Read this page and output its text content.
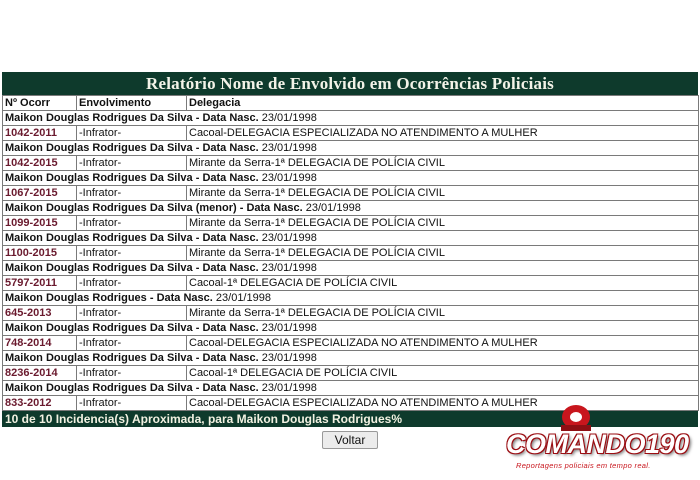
Relatório Nome de Envolvido em Ocorrências Policiais
Nº Ocorr	Envolvimento	Delegacia
Maikon Douglas Rodrigues Da Silva - Data Nasc. 23/01/1998		
1042-2011	-Infrator-	Cacoal-DELEGACIA ESPECIALIZADA NO ATENDIMENTO A MULHER
Maikon Douglas Rodrigues Da Silva - Data Nasc. 23/01/1998		
1042-2015	-Infrator-	Mirante da Serra-1ª DELEGACIA DE POLÍCIA CIVIL
Maikon Douglas Rodrigues Da Silva - Data Nasc. 23/01/1998		
1067-2015	-Infrator-	Mirante da Serra-1ª DELEGACIA DE POLÍCIA CIVIL
Maikon Douglas Rodrigues Da Silva (menor) - Data Nasc. 23/01/1998		
1099-2015	-Infrator-	Mirante da Serra-1ª DELEGACIA DE POLÍCIA CIVIL
Maikon Douglas Rodrigues Da Silva - Data Nasc. 23/01/1998		
1100-2015	-Infrator-	Mirante da Serra-1ª DELEGACIA DE POLÍCIA CIVIL
Maikon Douglas Rodrigues Da Silva - Data Nasc. 23/01/1998		
5797-2011	-Infrator-	Cacoal-1ª DELEGACIA DE POLÍCIA CIVIL
Maikon Douglas Rodrigues - Data Nasc. 23/01/1998		
645-2013	-Infrator-	Mirante da Serra-1ª DELEGACIA DE POLÍCIA CIVIL
Maikon Douglas Rodrigues Da Silva - Data Nasc. 23/01/1998		
748-2014	-Infrator-	Cacoal-DELEGACIA ESPECIALIZADA NO ATENDIMENTO A MULHER
Maikon Douglas Rodrigues Da Silva - Data Nasc. 23/01/1998		
8236-2014	-Infrator-	Cacoal-1ª DELEGACIA DE POLÍCIA CIVIL
Maikon Douglas Rodrigues Da Silva - Data Nasc. 23/01/1998		
833-2012	-Infrator-	Cacoal-DELEGACIA ESPECIALIZADA NO ATENDIMENTO A MULHER
10 de 10 Incidencia(s) Aproximada, para Maikon Douglas Rodrigues%
Voltar	COMANDO190
Reportagens policiais em tempo real.
